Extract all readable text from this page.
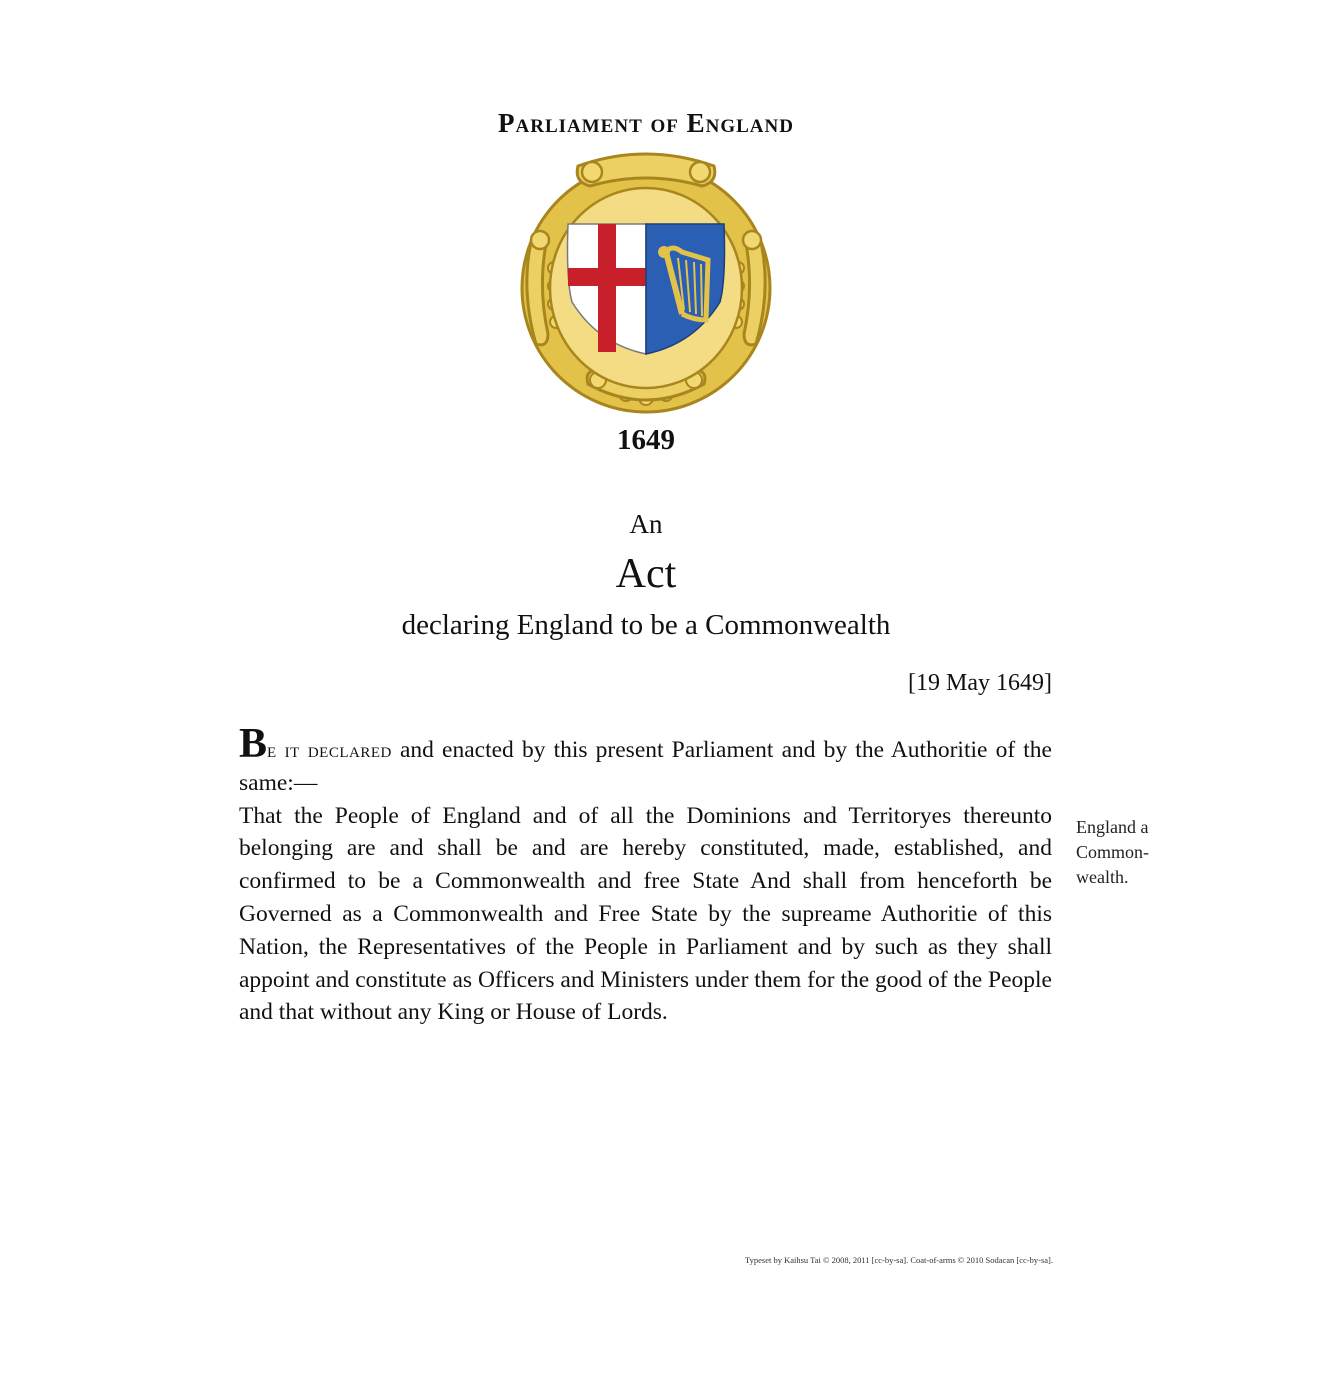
Parliament of England
1649
An
Act
declaring England to be a Commonwealth
[19 May 1649]

Be it declared and enacted by this present Parliament and by the Authoritie of the same:—

That the People of England and of all the Dominions and Territoryes thereunto belonging are and shall be and are hereby constituted, made, established, and confirmed to be a Commonwealth and free State And shall from henceforth be Governed as a Commonwealth and Free State by the supreame Authoritie of this Nation, the Representatives of the People in Parliament and by such as they shall appoint and constitute as Officers and Ministers under them for the good of the People and that without any King or House of Lords.

England a
Common-
wealth.
Typeset by Kaihsu Tai © 2008, 2011 [cc-by-sa]. Coat-of-arms © 2010 Sodacan [cc-by-sa].
